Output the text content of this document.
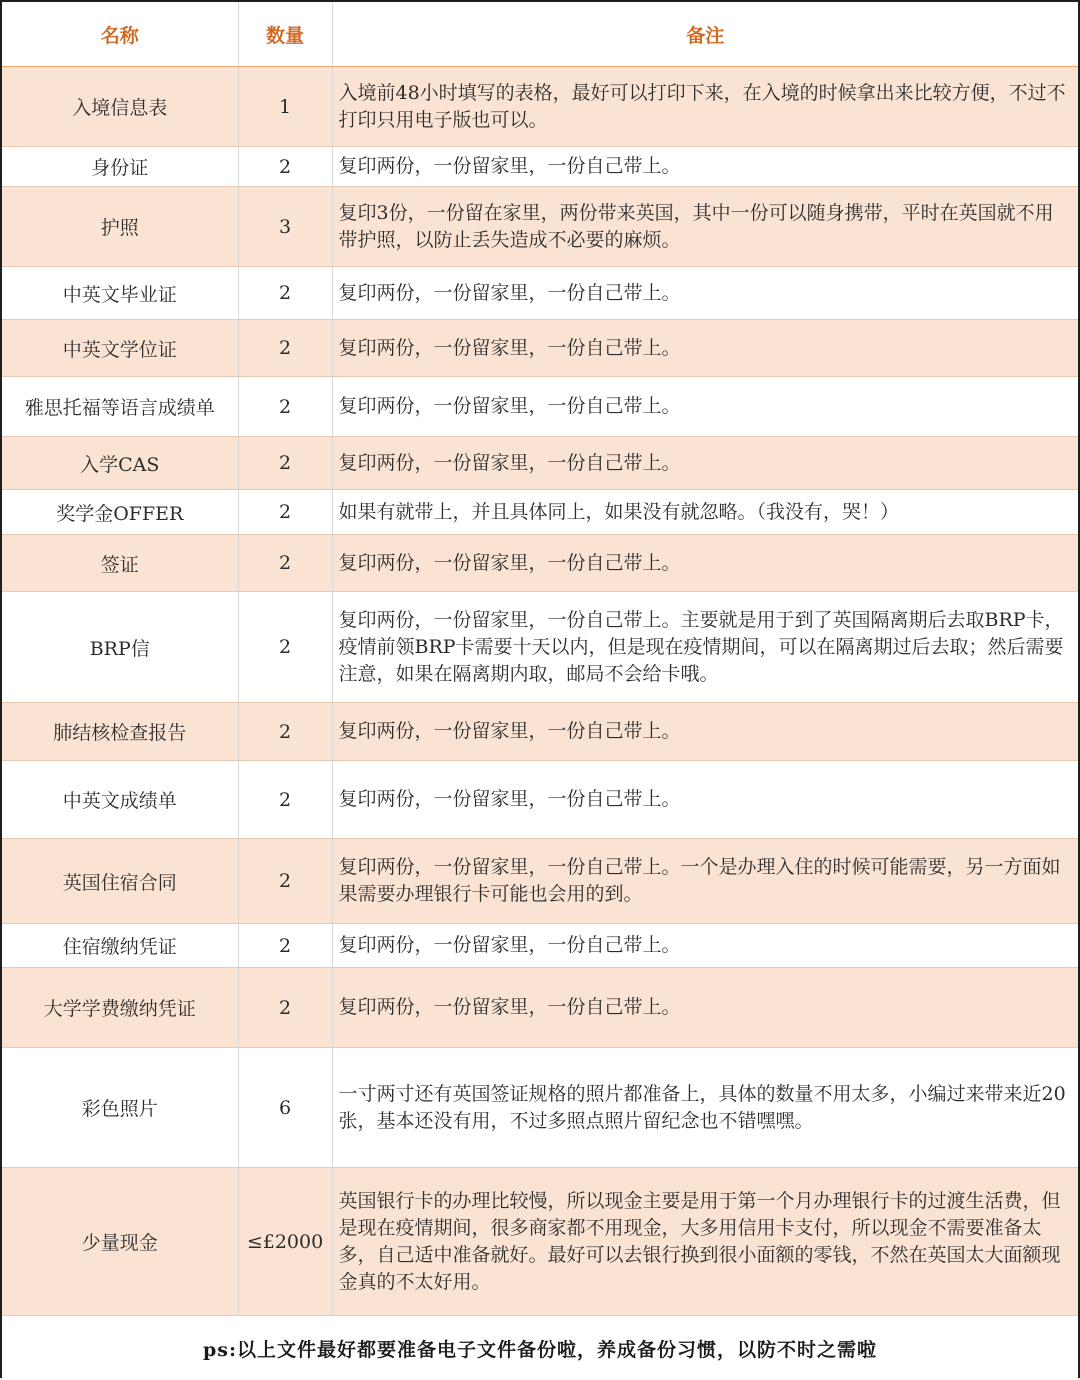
名称	数量	备注
入境信息表	1	入境前48小时填写的表格，最好可以打印下来，在入境的时候拿出来比较方便，不过不打印只用电子版也可以。
身份证	2	复印两份，一份留家里，一份自己带上。
护照	3	复印3份，一份留在家里，两份带来英国，其中一份可以随身携带，平时在英国就不用带护照，以防止丢失造成不必要的麻烦。
中英文毕业证	2	复印两份，一份留家里，一份自己带上。
中英文学位证	2	复印两份，一份留家里，一份自己带上。
雅思托福等语言成绩单	2	复印两份，一份留家里，一份自己带上。
入学CAS	2	复印两份，一份留家里，一份自己带上。
奖学金OFFER	2	如果有就带上，并且具体同上，如果没有就忽略。（我没有，哭！）
签证	2	复印两份，一份留家里，一份自己带上。
BRP信	2	复印两份，一份留家里，一份自己带上。主要就是用于到了英国隔离期后去取BRP卡，疫情前领BRP卡需要十天以内，但是现在疫情期间，可以在隔离期过后去取；然后需要注意，如果在隔离期内取，邮局不会给卡哦。
肺结核检查报告	2	复印两份，一份留家里，一份自己带上。
中英文成绩单	2	复印两份，一份留家里，一份自己带上。
英国住宿合同	2	复印两份，一份留家里，一份自己带上。一个是办理入住的时候可能需要，另一方面如果需要办理银行卡可能也会用的到。
住宿缴纳凭证	2	复印两份，一份留家里，一份自己带上。
大学学费缴纳凭证	2	复印两份，一份留家里，一份自己带上。
彩色照片	6	一寸两寸还有英国签证规格的照片都准备上，具体的数量不用太多，小编过来带来近20张，基本还没有用，不过多照点照片留纪念也不错嘿嘿。
少量现金	≤£2000	英国银行卡的办理比较慢，所以现金主要是用于第一个月办理银行卡的过渡生活费，但是现在疫情期间，很多商家都不用现金，大多用信用卡支付，所以现金不需要准备太多，自己适中准备就好。最好可以去银行换到很小面额的零钱，不然在英国太大面额现金真的不太好用。
ps:以上文件最好都要准备电子文件备份啦，养成备份习惯，以防不时之需啦		
